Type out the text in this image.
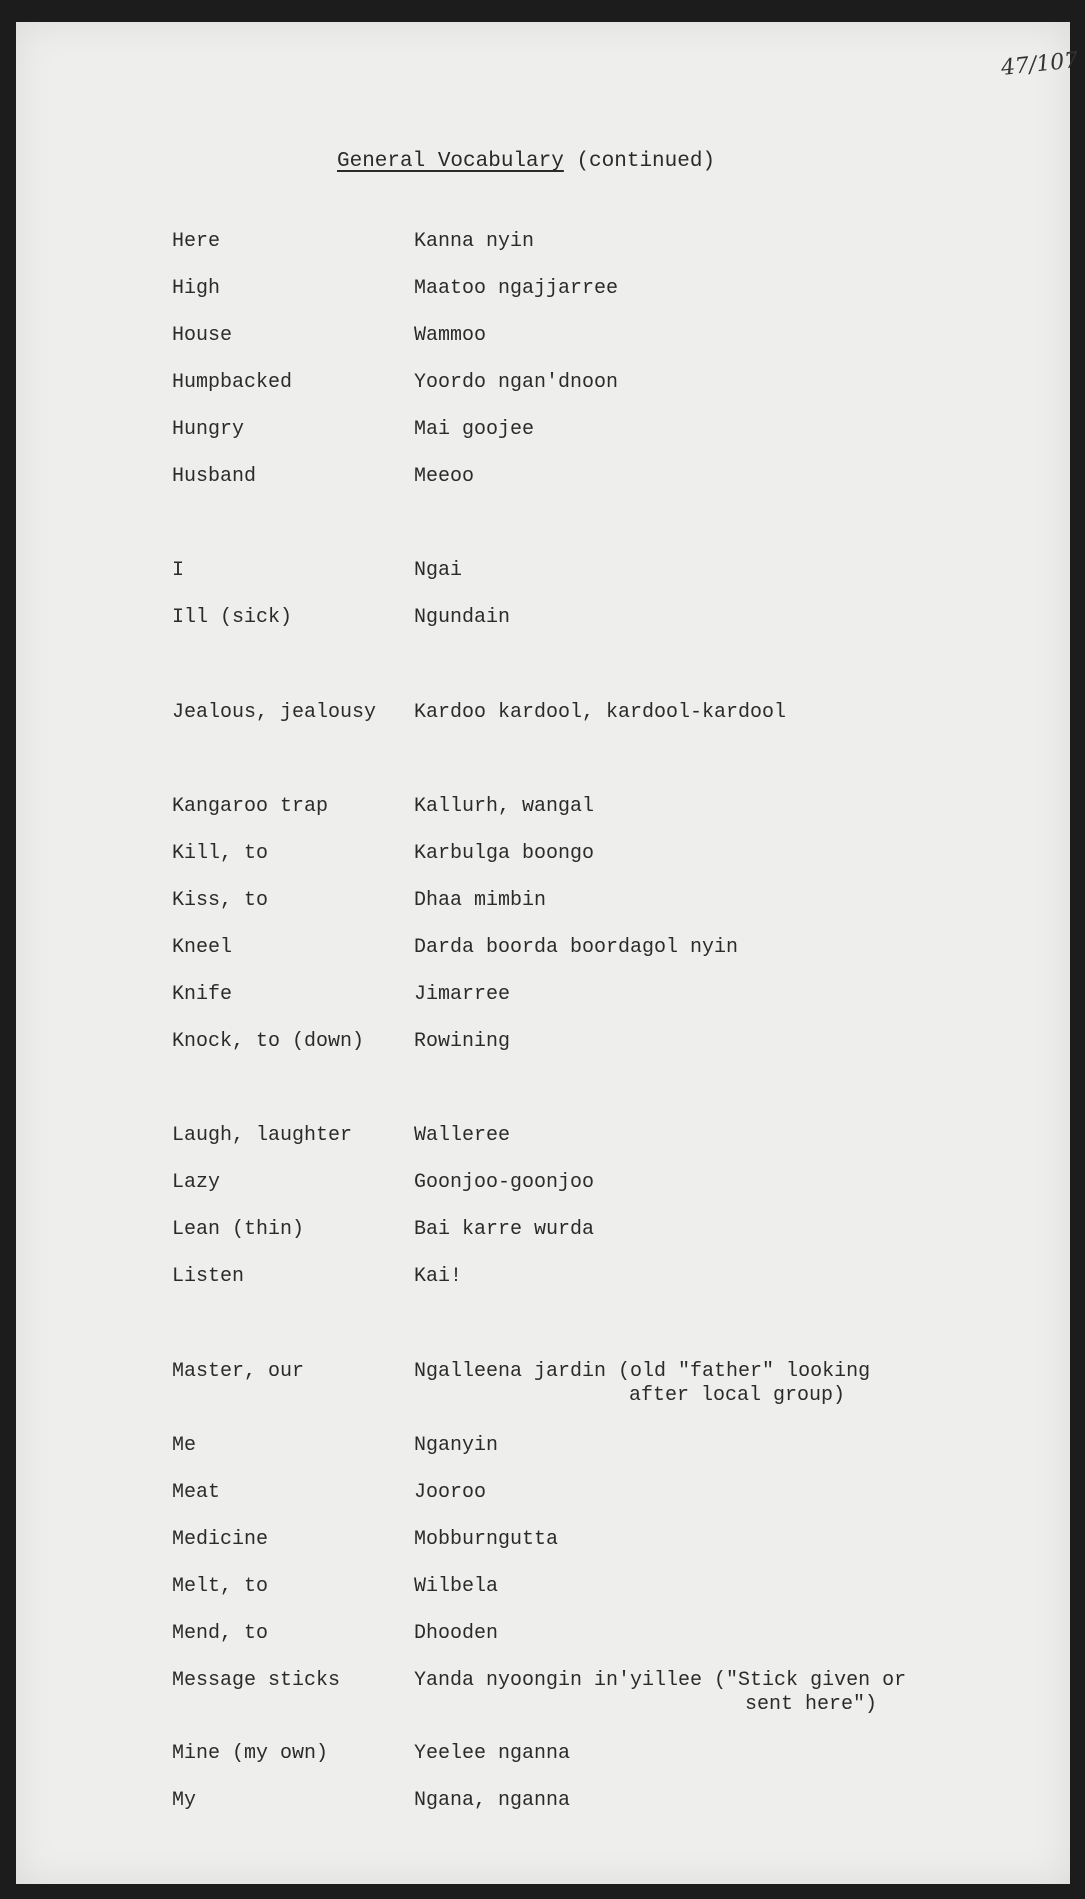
47/107
General Vocabulary (continued)
Here	Kanna nyin
High	Maatoo ngajjarree
House	Wammoo
Humpbacked	Yoordo ngan'dnoon
Hungry	Mai goojee
Husband	Meeoo
I	Ngai
Ill (sick)	Ngundain
Jealous, jealousy Kardoo kardool, kardool-kardool
Kangaroo trap	Kallurh, wangal
Kill, to	Karbulga boongo
Kiss, to	Dhaa mimbin
Kneel	Darda boorda boordagol nyin
Knife	Jimarree
Knock, to (down) Rowining
Laugh, laughter	Walleree
Lazy	Goonjoo-goonjoo
Lean (thin)	Bai karre wurda
Listen	Kai!
Master, our	Ngalleena jardin (old "father" looking
after local group)
Me	Nganyin
Meat	Jooroo
Medicine	Mobburngutta
Melt, to	Wilbela
Mend, to	Dhooden
Message sticks	Yanda nyoongin in'yillee ("Stick given or
sent here")
Mine (my own)	Yeelee nganna
My	Ngana, nganna
